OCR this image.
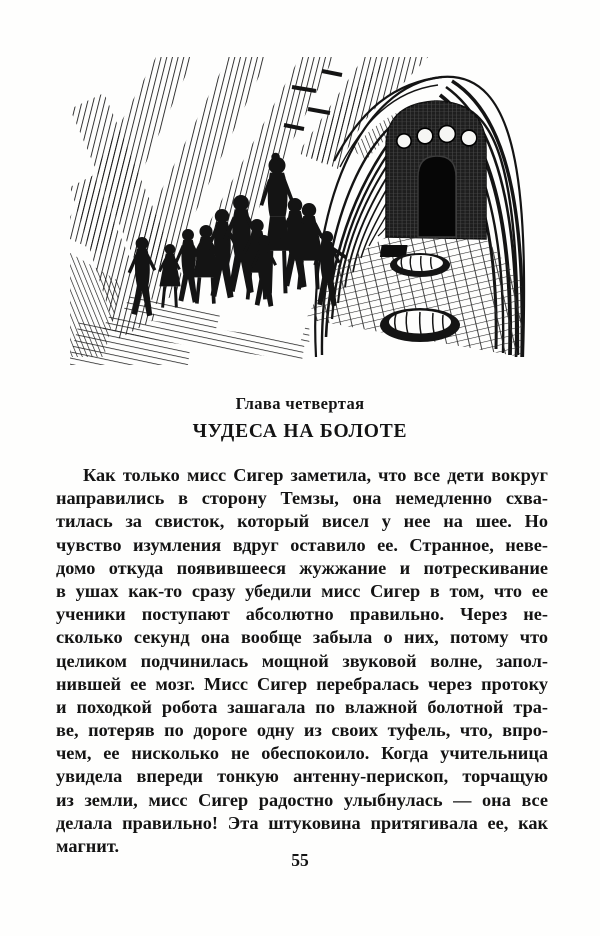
Глава четвертая
ЧУДЕСА НА БОЛОТЕ
Как только мисс Сигер заметила, что все дети вокруг
направились в сторону Темзы, она немедленно схва-
тилась за свисток, который висел у нее на шее. Но
чувство изумления вдруг оставило ее. Странное, неве-
домо откуда появившееся жужжание и потрескивание
в ушах как-то сразу убедили мисс Сигер в том, что ее
ученики поступают абсолютно правильно. Через не-
сколько секунд она вообще забыла о них, потому что
целиком подчинилась мощной звуковой волне, запол-
нившей ее мозг. Мисс Сигер перебралась через протоку
и походкой робота зашагала по влажной болотной тра-
ве, потеряв по дороге одну из своих туфель, что, впро-
чем, ее нисколько не обеспокоило. Когда учительница
увидела впереди тонкую антенну-перископ, торчащую
из земли, мисс Сигер радостно улыбнулась — она все
делала правильно! Эта штуковина притягивала ее, как
магнит.
55
